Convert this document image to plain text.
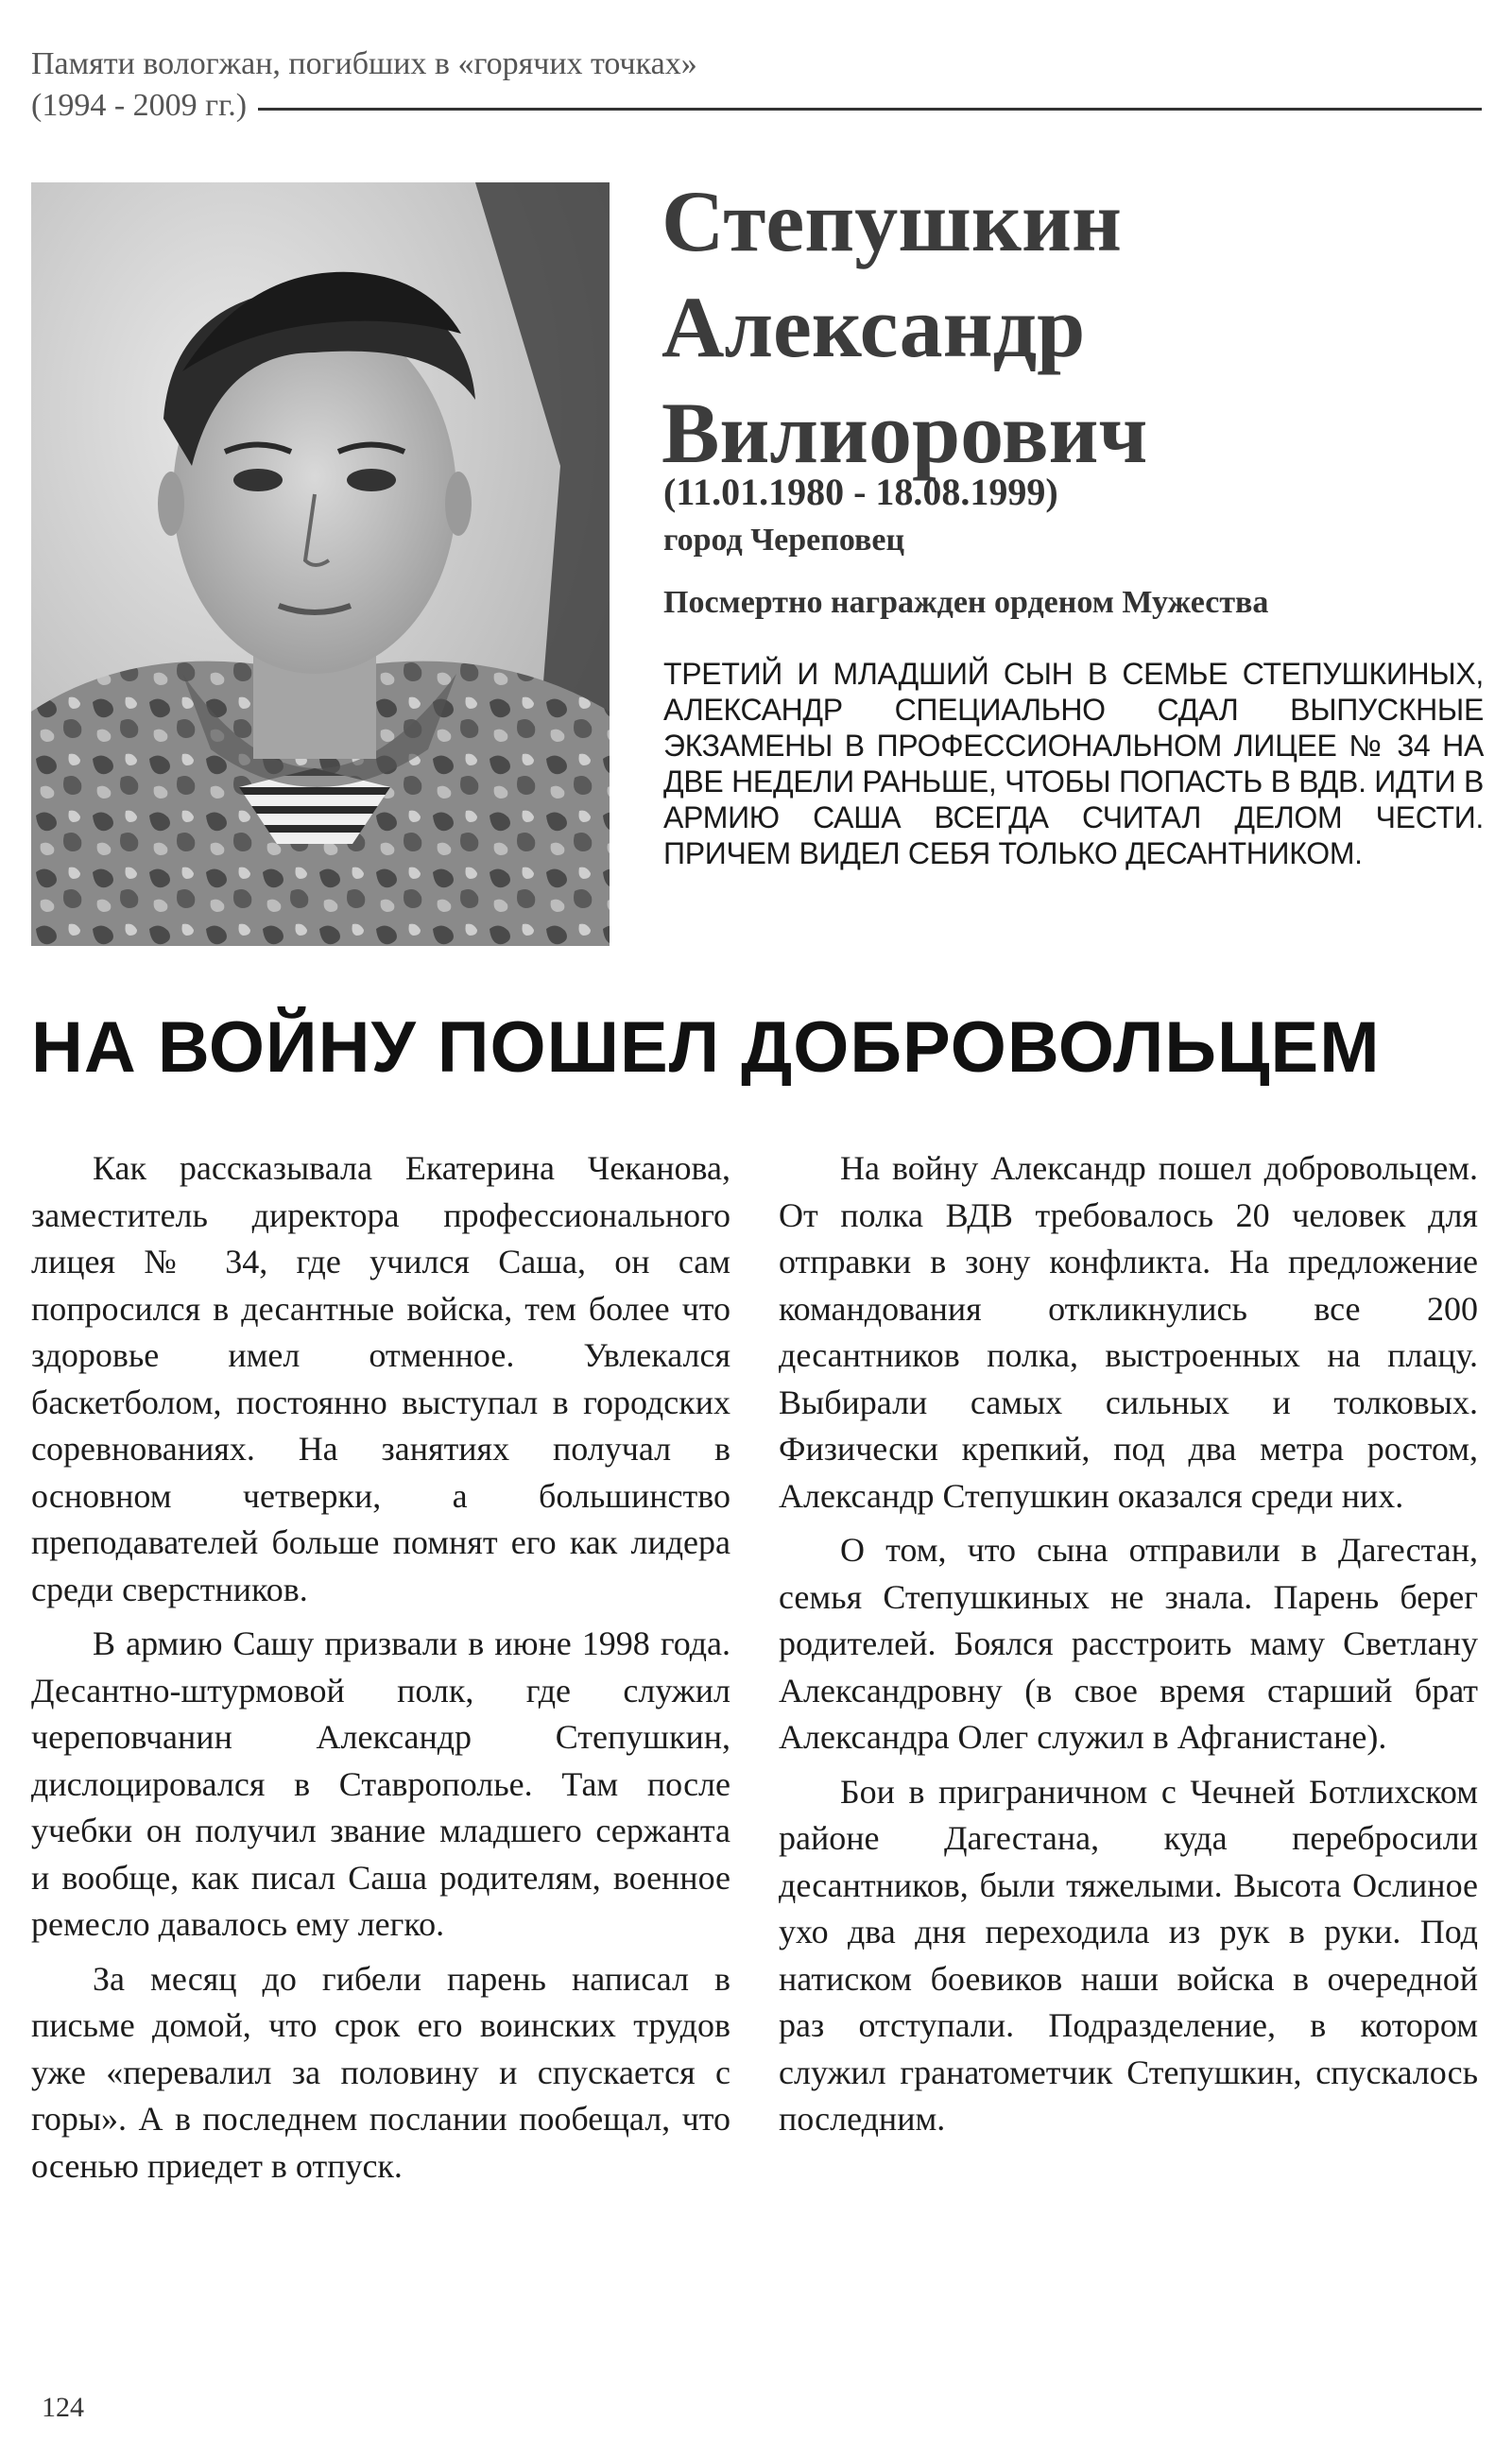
Памяти вологжан, погибших в «горячих точках»
(1994 - 2009 гг.)
Степушкин
Александр
Вилиорович
(11.01.1980 - 18.08.1999)
город Череповец
Посмертно награжден орденом Мужества
ТРЕТИЙ И МЛАДШИЙ СЫН В СЕМЬЕ СТЕПУШКИНЫХ, АЛЕКСАНДР СПЕЦИАЛЬНО СДАЛ ВЫПУСКНЫЕ ЭКЗАМЕНЫ В ПРОФЕССИОНАЛЬНОМ ЛИЦЕЕ № 34 НА ДВЕ НЕДЕЛИ РАНЬШЕ, ЧТОБЫ ПОПАСТЬ В ВДВ. ИДТИ В АРМИЮ САША ВСЕГДА СЧИТАЛ ДЕЛОМ ЧЕСТИ. ПРИЧЕМ ВИДЕЛ СЕБЯ ТОЛЬКО ДЕСАНТНИКОМ.
НА ВОЙНУ ПОШЕЛ ДОБРОВОЛЬЦЕМ

Как рассказывала Екатерина Чеканова, заместитель директора профессионального лицея № 34, где учился Саша, он сам попросился в десантные войска, тем более что здоровье имел отменное. Увлекался баскетболом, постоянно выступал в городских соревнованиях. На занятиях получал в основном четверки, а большинство преподавателей больше помнят его как лидера среди сверстников.

В армию Сашу призвали в июне 1998 года. Десантно-штурмовой полк, где служил череповчанин Александр Степушкин, дислоцировался в Ставрополье. Там после учебки он получил звание младшего сержанта и вообще, как писал Саша родителям, военное ремесло давалось ему легко.

За месяц до гибели парень написал в письме домой, что срок его воинских трудов уже «перевалил за половину и спускается с горы». А в последнем послании пообещал, что осенью приедет в отпуск.

На войну Александр пошел добровольцем. От полка ВДВ требовалось 20 человек для отправки в зону конфликта. На предложение командования откликнулись все 200 десантников полка, выстроенных на плацу. Выбирали самых сильных и толковых. Физически крепкий, под два метра ростом, Александр Степушкин оказался среди них.

О том, что сына отправили в Дагестан, семья Степушкиных не знала. Парень берег родителей. Боялся расстроить маму Светлану Александровну (в свое время старший брат Александра Олег служил в Афганистане).

Бои в приграничном с Чечней Ботлихском районе Дагестана, куда перебросили десантников, были тяжелыми. Высота Ослиное ухо два дня переходила из рук в руки. Под натиском боевиков наши войска в очередной раз отступали. Подразделение, в котором служил гранатометчик Степушкин, спускалось последним.

124
